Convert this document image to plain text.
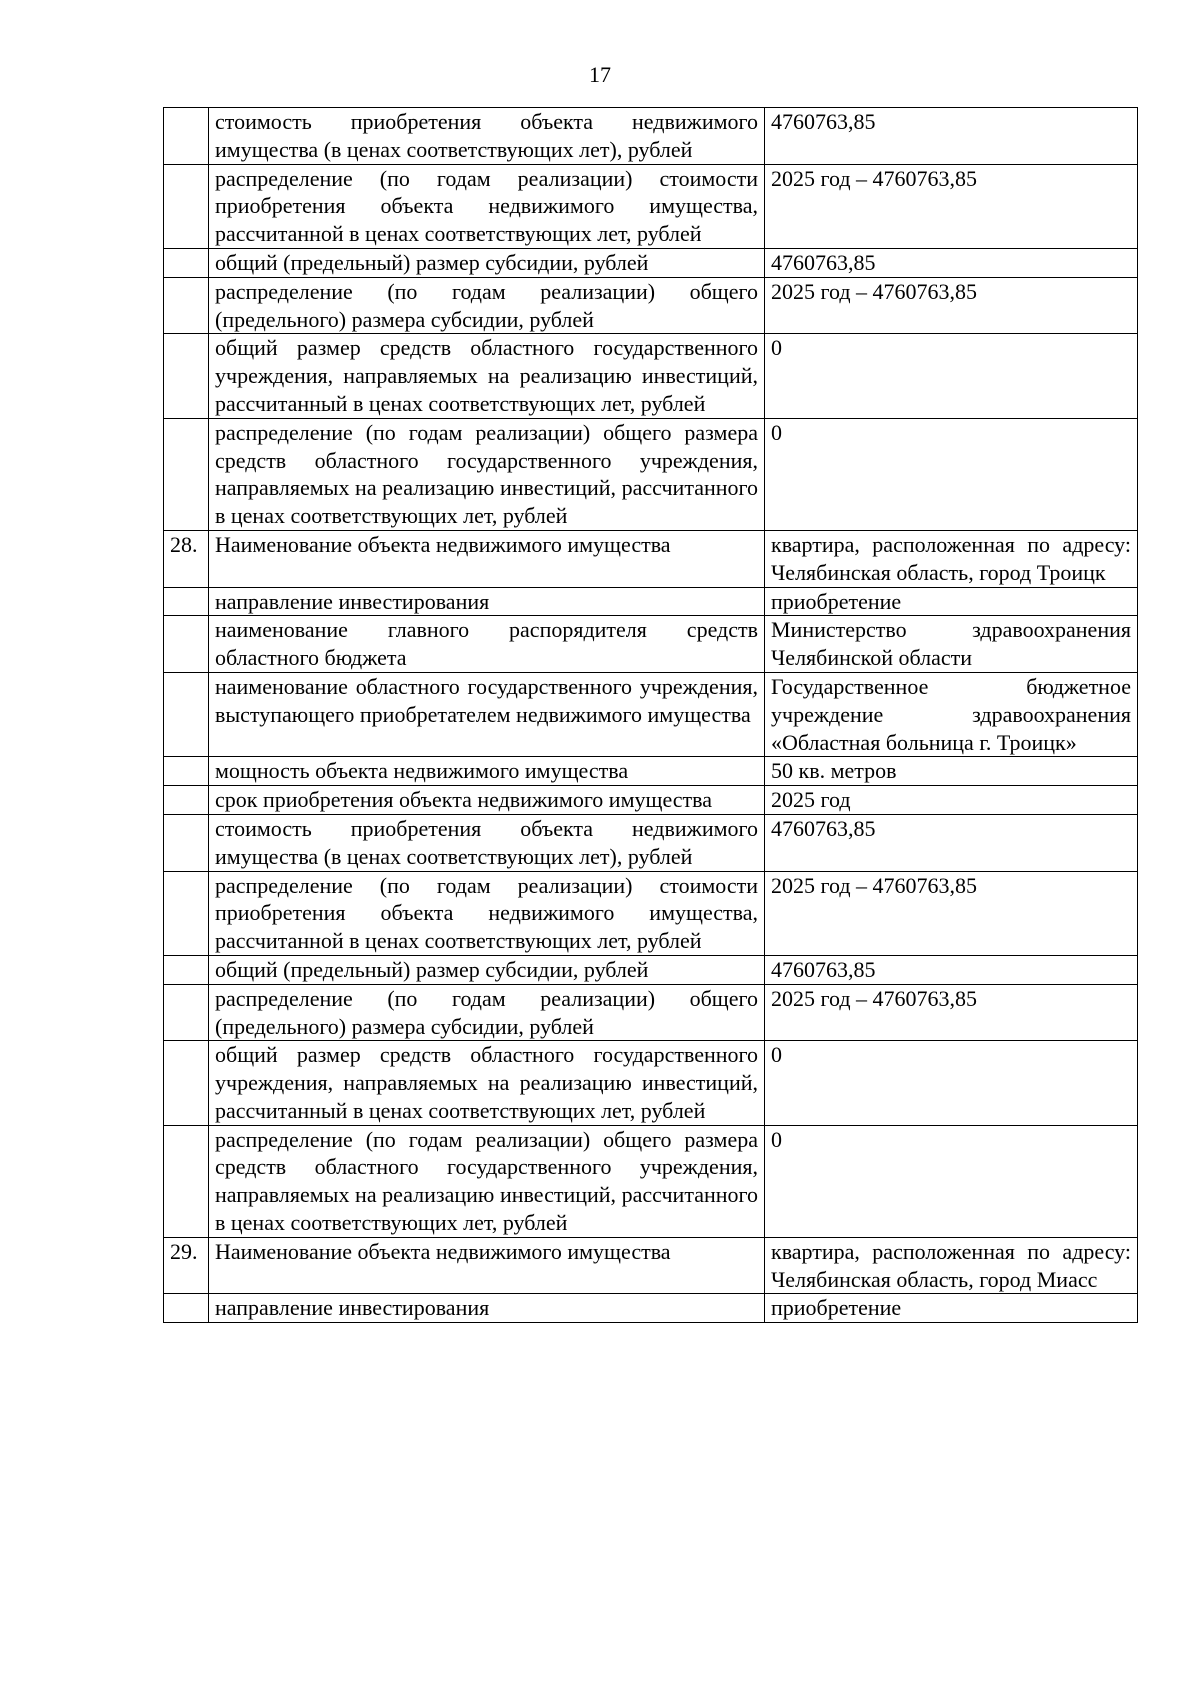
17
	стоимость приобретения объекта недвижимого имущества (в ценах соответствующих лет), рублей	4760763,85
	распределение (по годам реализации) стоимости приобретения объекта недвижимого имущества, рассчитанной в ценах соответствующих лет, рублей	2025 год – 4760763,85
	общий (предельный) размер субсидии, рублей	4760763,85
	распределение (по годам реализации) общего (предельного) размера субсидии, рублей	2025 год – 4760763,85
	общий размер средств областного государственного учреждения, направляемых на реализацию инвестиций, рассчитанный в ценах соответствующих лет, рублей	0
	распределение (по годам реализации) общего размера средств областного государственного учреждения, направляемых на реализацию инвестиций, рассчитанного в ценах соответствующих лет, рублей	0
28.	Наименование объекта недвижимого имущества	квартира, расположенная по адресу: Челябинская область, город Троицк
	направление инвестирования	приобретение
	наименование главного распорядителя средств областного бюджета	Министерство здравоохранения Челябинской области
	наименование областного государственного учреждения, выступающего приобретателем недвижимого имущества	Государственное бюджетное учреждение здравоохранения «Областная больница г. Троицк»
	мощность объекта недвижимого имущества	50 кв. метров
	срок приобретения объекта недвижимого имущества	2025 год
	стоимость приобретения объекта недвижимого имущества (в ценах соответствующих лет), рублей	4760763,85
	распределение (по годам реализации) стоимости приобретения объекта недвижимого имущества, рассчитанной в ценах соответствующих лет, рублей	2025 год – 4760763,85
	общий (предельный) размер субсидии, рублей	4760763,85
	распределение (по годам реализации) общего (предельного) размера субсидии, рублей	2025 год – 4760763,85
	общий размер средств областного государственного учреждения, направляемых на реализацию инвестиций, рассчитанный в ценах соответствующих лет, рублей	0
	распределение (по годам реализации) общего размера средств областного государственного учреждения, направляемых на реализацию инвестиций, рассчитанного в ценах соответствующих лет, рублей	0
29.	Наименование объекта недвижимого имущества	квартира, расположенная по адресу: Челябинская область, город Миасс
	направление инвестирования	приобретение
